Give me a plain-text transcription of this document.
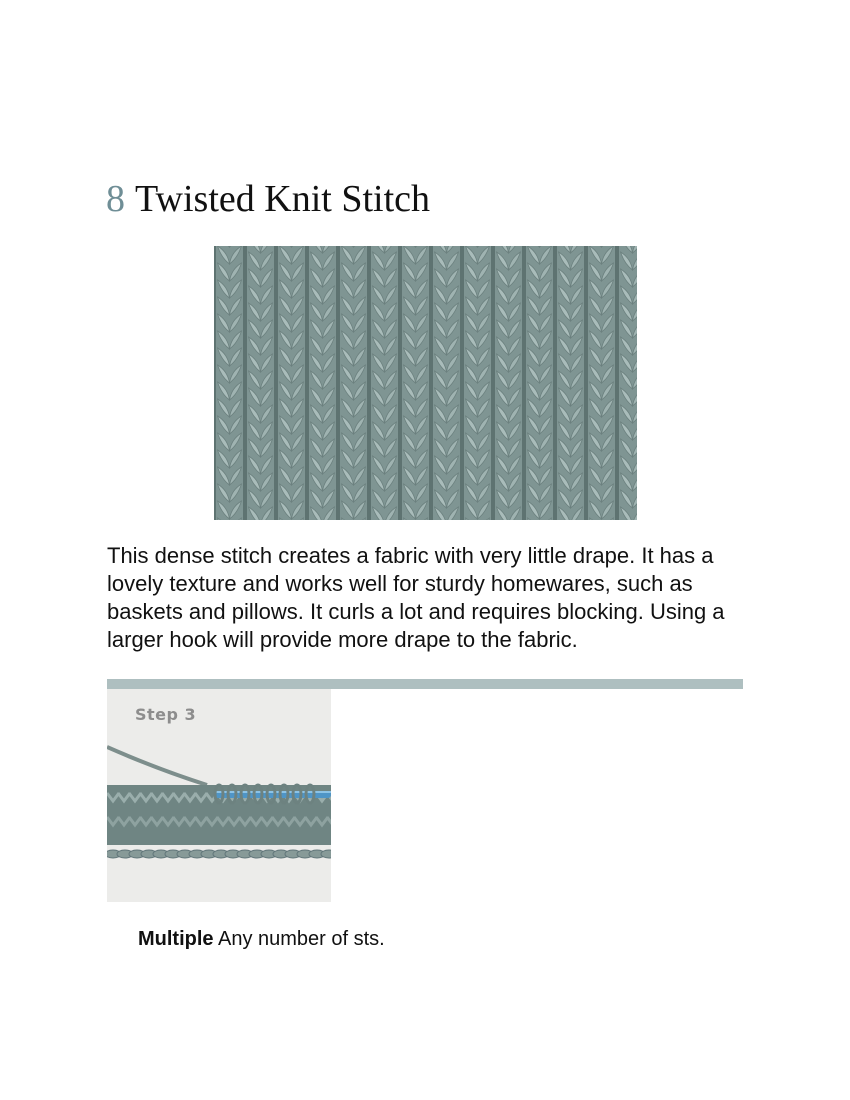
8 Twisted Knit Stitch

This dense stitch creates a fabric with very little drape. It has a lovely texture and works well for sturdy homewares, such as baskets and pillows. It curls a lot and requires blocking. Using a larger hook will provide more drape to the fabric.

Step 3

Multiple Any number of sts.
